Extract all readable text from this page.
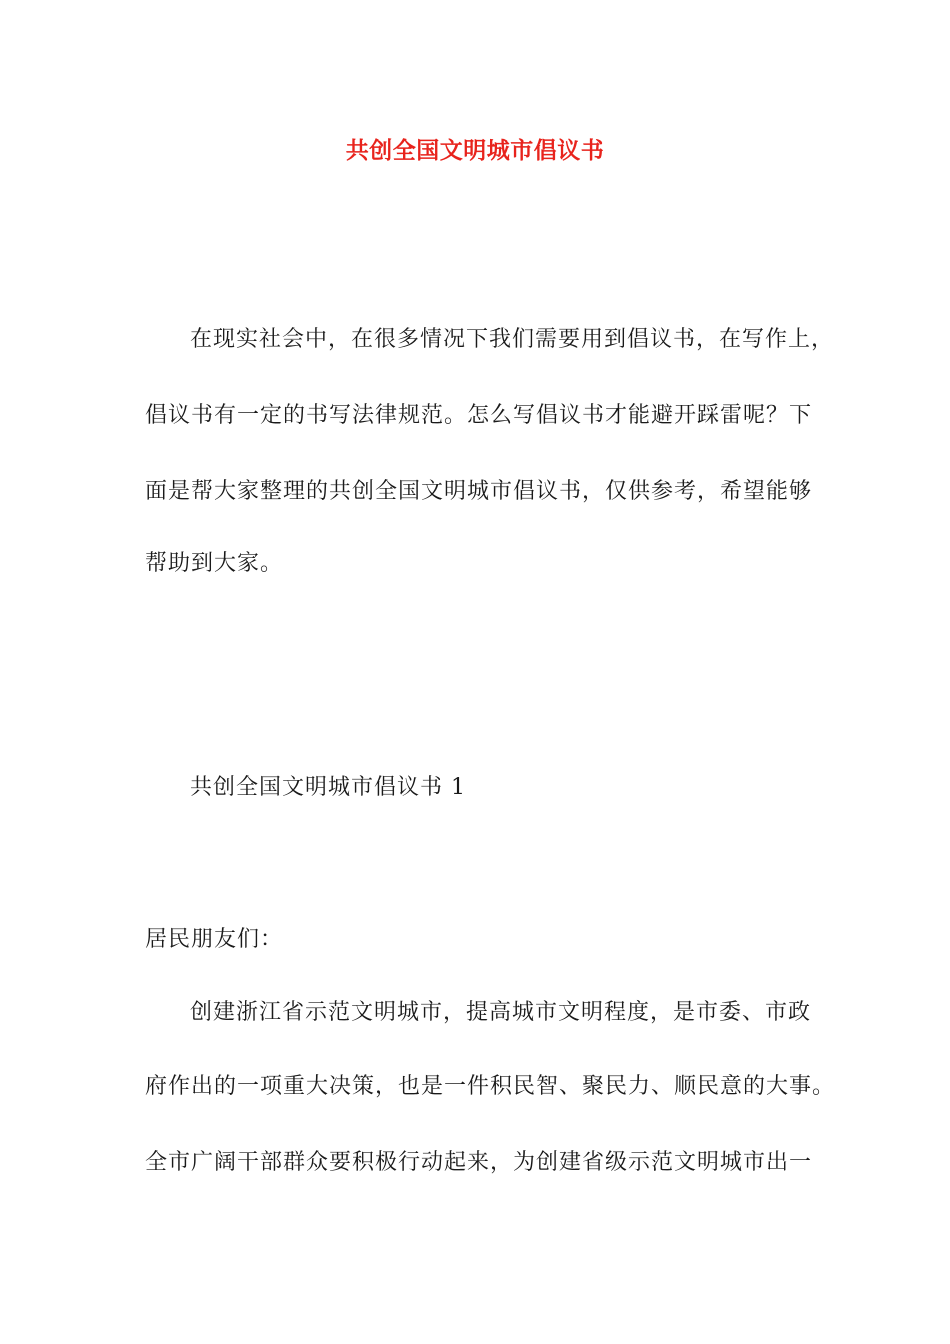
共创全国文明城市倡议书
在现实社会中，在很多情况下我们需要用到倡议书，在写作上，
倡议书有一定的书写法律规范。怎么写倡议书才能避开踩雷呢？下
面是帮大家整理的共创全国文明城市倡议书，仅供参考，希望能够
帮助到大家。
共创全国文明城市倡议书 1
居民朋友们：
创建浙江省示范文明城市，提高城市文明程度，是市委、市政
府作出的一项重大决策，也是一件积民智、聚民力、顺民意的大事。
全市广阔干部群众要积极行动起来，为创建省级示范文明城市出一
